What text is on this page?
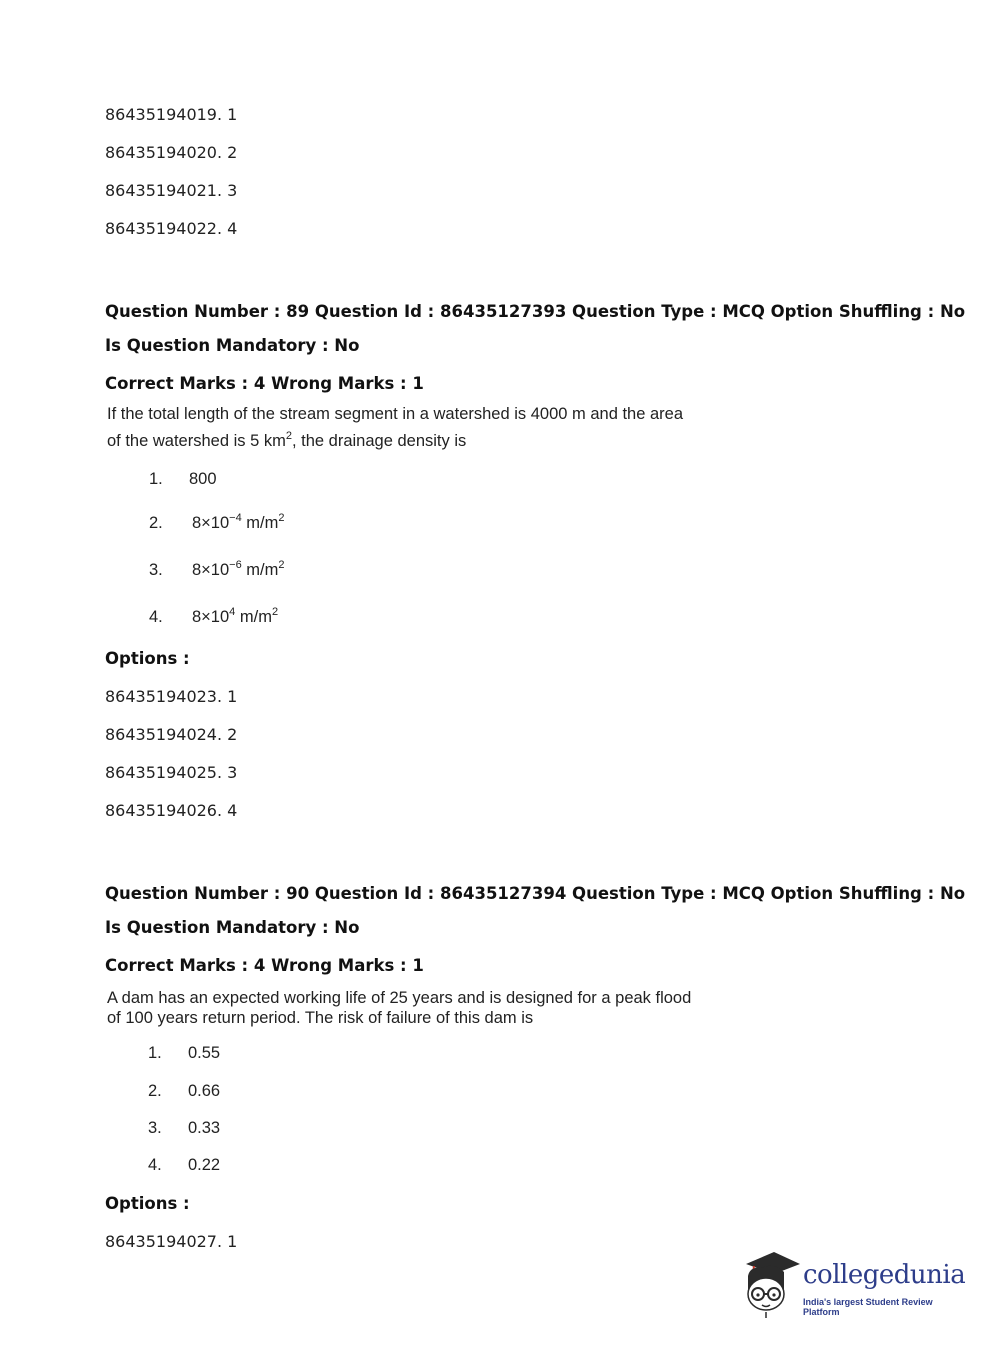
86435194019. 1
86435194020. 2
86435194021. 3
86435194022. 4
Question Number : 89 Question Id : 86435127393 Question Type : MCQ Option Shuffling : No
Is Question Mandatory : No
Correct Marks : 4 Wrong Marks : 1
If the total length of the stream segment in a watershed is 4000 m and the area
of the watershed is 5 $km^2$, the drainage density is
1. 800
2. $8\times 10^{-4}$ $m/m^2$
3. $8\times 10^{-6}$ $m/m^2$
4. $8\times 10^4$ $m/m^2$
Options :
86435194023. 1
86435194024. 2
86435194025. 3
86435194026. 4
Question Number : 90 Question Id : 86435127394 Question Type : MCQ Option Shuffling : No
Is Question Mandatory : No
Correct Marks : 4 Wrong Marks : 1
A dam has an expected working life of 25 years and is designed for a peak flood
of 100 years return period. The risk of failure of this dam is
1. 0.55
2. 0.66
3. 0.33
4. 0.22
Options :
86435194027. 1
collegedunia
India's largest Student Review Platform
